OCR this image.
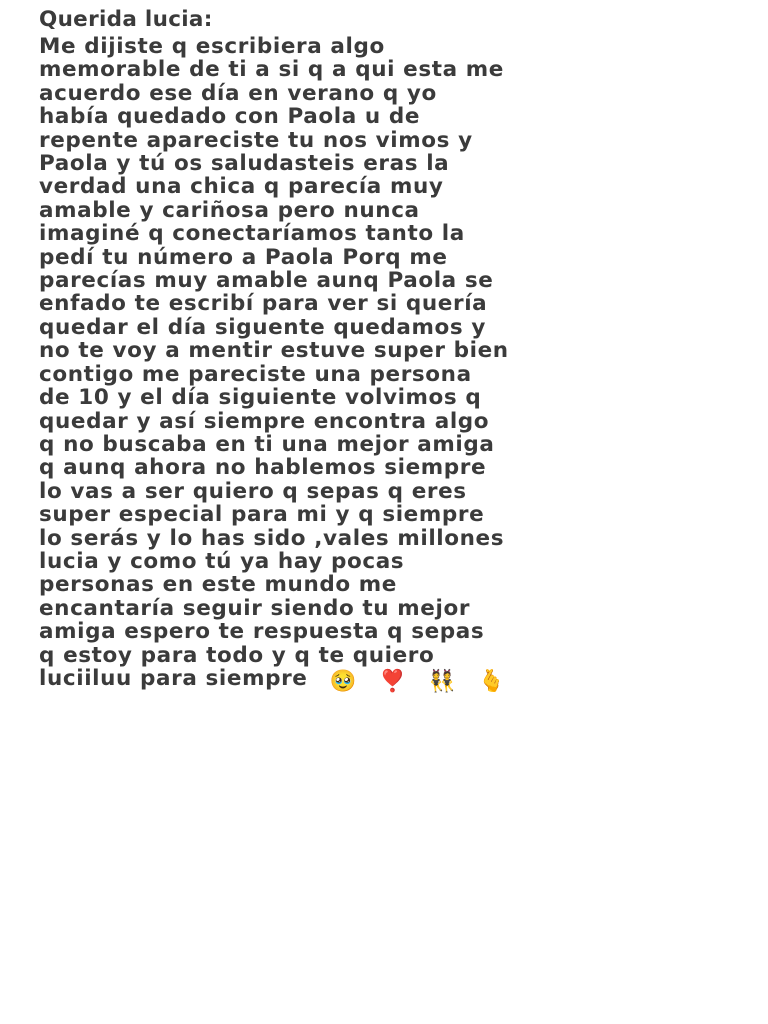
Querida lucia:
Me dijiste q escribiera algo
memorable de ti a si q a qui esta me
acuerdo ese día en verano q yo
había quedado con Paola u de
repente apareciste tu nos vimos y
Paola y tú os saludasteis eras la
verdad una chica q parecía muy
amable y cariñosa pero nunca
imaginé q conectaríamos tanto la
pedí tu número a Paola Porq me
parecías muy amable aunq Paola se
enfado te escribí para ver si quería
quedar el día siguente quedamos y
no te voy a mentir estuve super bien
contigo me pareciste una persona
de 10 y el día siguiente volvimos q
quedar y así siempre encontra algo
q no buscaba en ti una mejor amiga
q aunq ahora no hablemos siempre
lo vas a ser quiero q sepas q eres
super especial para mi y q siempre
lo serás y lo has sido ,vales millones
lucia y como tú ya hay pocas
personas en este mundo me
encantaría seguir siendo tu mejor
amiga espero te respuesta q sepas
q estoy para todo y q te quiero
luciiluu para siempre 🥹 ❣️ 👯 🫰
